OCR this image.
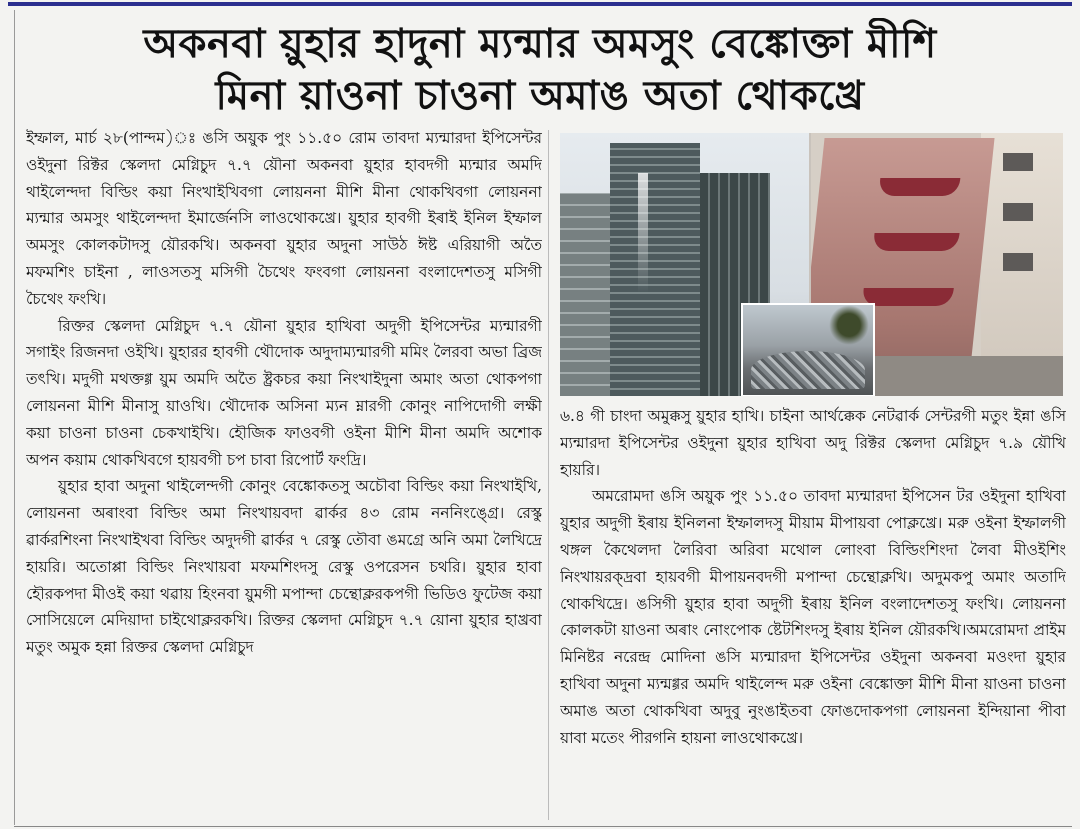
অকনবা য়ুহার হাদুনা ম্যন্মার অমসুং বেঙ্কোক্তা মীশি
মিনা য়াওনা চাওনা অমাঙ অতা থোকখ্রে

ইম্ফাল, মার্চ ২৮(পান্দম)ঃ ঙসি অয়ুক পুং ১১.৫০ রোম তাবদা ম্যন্মারদা ইপিসেন্টর ওইদুনা রিক্টর স্কেলদা মেগ্নিচুদ ৭.৭ য়ৌনা অকনবা য়ুহার হাবদগী ম্যন্মার অমদি থাইলেন্দদা বিল্ডিং কয়া নিংখাইখিবগা লোয়ননা মীশি মীনা থোকখিবগা লোয়ননা ম্যন্মার অমসুং থাইলেন্দদা ইমার্জেনসি লাওথোকখ্রে। য়ুহার হাবগী ইৰাই ইনিল ইম্ফাল অমসুং কোলকটাদসু য়ৌরকখি। অকনবা য়ুহার অদুনা সাউঠ ঈষ্ট এরিয়াগী অতৈ মফমশিং চাইনা , লাওসতসু মসিগী চৈথেং ফংবগা লোয়ননা বংলাদেশতসু মসিগী চৈথেং ফংখি।

রিক্তর স্কেলদা মেগ্নিচুদ ৭.৭ য়ৌনা য়ুহার হাখিবা অদুগী ইপিসেন্টর ম্যন্মারগী সগাইং রিজনদা ওইখি। য়ুহারর হাবগী থৌদোক অদুদাম্যন্মারগী মমিং লৈরবা অভা ব্রিজ তৎখি। মদুগী মথক্তগ্গ য়ুম অমদি অতৈ ষ্ট্রকচর কয়া নিংখাইদুনা অমাং অতা থোকপগা লোয়ননা মীশি মীনাসু য়াওখি। থৌদোক অসিনা ম্যন ম্নারগী কোনুং নাপিদোগী লক্ষী কয়া চাওনা চাওনা চেকখাইখি। হৌজিক ফাওবগী ওইনা মীশি মীনা অমদি অশোক অপন কয়াম থোকখিবগে হায়বগী চপ চাবা রিপোর্ট ফংদ্রি।

য়ুহার হাবা অদুনা থাইলেন্দগী কোনুং বেঙ্কোকতসু অচৌবা বিল্ডিং কয়া নিংখাইখি, লোয়ননা অৰাংবা বিল্ডিং অমা নিংখায়বদা ৱার্কর ৪৩ রোম নননিংঙ্গ্রে। রেস্কু ৱার্করশিংনা নিংখাইখবা বিল্ডিং অদুদগী ৱার্কর ৭ রেস্কু তৌবা ঙমগ্রে অনি অমা লৈখিদ্রে হায়রি। অতোপ্পা বিল্ডিং নিংখায়বা মফমশিংদসু রেস্কু ওপরেসন চথরি। য়ুহার হাবা হৌরকপদা মীওই কয়া থৱায় হিংনবা য়ুমগী মপান্দা চেন্থোক্লরকপগী ভিডিও ফুটেজ কয়া সোসিয়েলে মেদিয়াদা চাইথোক্লরকখি। রিক্তর স্কেলদা মেগ্নিচুদ ৭.৭ য়োনা য়ুহার হাখ্রবা মতুং অমুক হন্না রিক্তর স্কেলদা মেগ্নিচুদ

৬.৪ গী চাংদা অমুক্কসু য়ুহার হাখি। চাইনা আর্থক্কেক নেটৱার্ক সেন্টরগী মতুং ইন্না ঙসি ম্যন্মারদা ইপিসেন্টর ওইদুনা য়ুহার হাখিবা অদু রিক্টর স্কেলদা মেগ্নিচুদ ৭.৯ য়ৌখি হায়রি।

অমরোমদা ঙসি অয়ুক পুং ১১.৫০ তাবদা ম্যন্মারদা ইপিসেন টর ওইদুনা হাখিবা য়ুহার অদুগী ইৰায় ইনিলনা ইম্ফালদসু মীয়াম মীপায়বা পোক্লখ্রে। মরু ওইনা ইম্ফালগী থঙ্গল কৈথেলদা লৈরিবা অরিবা মথোল লোংবা বিল্ডিংশিংদা লৈবা মীওইশিং নিংখায়রক্দ্রবা হায়বগী মীপায়নবদগী মপান্দা চেন্থোক্লখি। অদুমকপু অমাং অতাদি থোকখিদ্রে। ঙসিগী য়ুহার হাবা অদুগী ইৰায় ইনিল বংলাদেশতসু ফংখি। লোয়ননা কোলকটা য়াওনা অৰাং নোংপোক ষ্টেটশিংদসু ইৰায় ইনিল য়ৌরকখি।অমরোমদা প্রাইম মিনিষ্টর নরেন্দ্র মোদিনা ঙসি ম্যন্মারদা ইপিসেন্টর ওইদুনা অকনবা মওংদা য়ুহার হাখিবা অদুনা ম্যন্মগ্গর অমদি থাইলেন্দ মরু ওইনা বেঙ্কোক্তা মীশি মীনা য়াওনা চাওনা অমাঙ অতা থোকখিবা অদুবু নুংঙাইতবা ফোঙদোকপগা লোয়ননা ইন্দিয়ানা পীবা য়াবা মতেং পীরগনি হায়না লাওথোকখ্রে।
